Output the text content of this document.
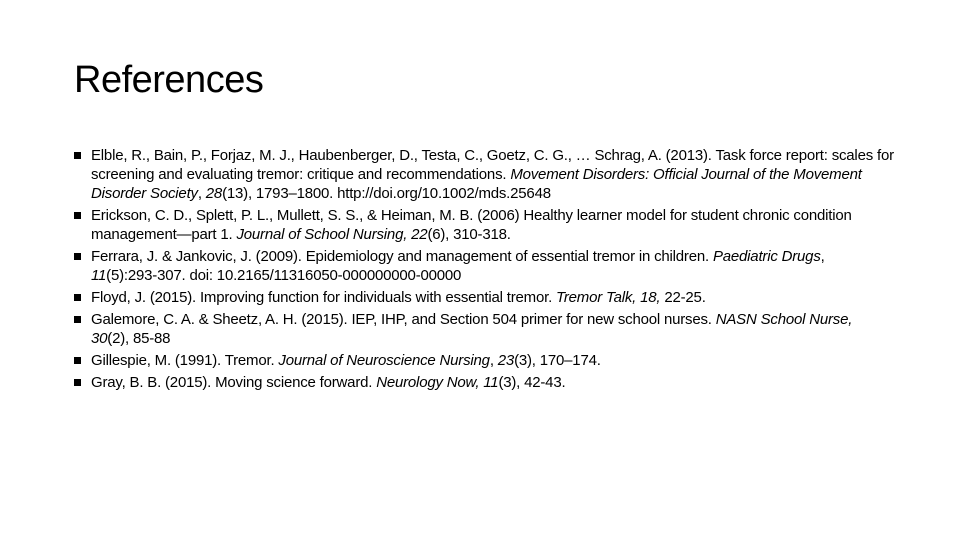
References
Elble, R., Bain, P., Forjaz, M. J., Haubenberger, D., Testa, C., Goetz, C. G., … Schrag, A. (2013). Task force report: scales for screening and evaluating tremor: critique and recommendations. Movement Disorders: Official Journal of the Movement Disorder Society, 28(13), 1793–1800. http://doi.org/10.1002/mds.25648
Erickson, C. D., Splett, P. L., Mullett, S. S., & Heiman, M. B. (2006) Healthy learner model for student chronic condition management—part 1. Journal of School Nursing, 22(6), 310-318.
Ferrara, J. & Jankovic, J. (2009). Epidemiology and management of essential tremor in children. Paediatric Drugs, 11(5):293-307. doi: 10.2165/11316050-000000000-00000
Floyd, J. (2015). Improving function for individuals with essential tremor. Tremor Talk, 18, 22-25.
Galemore, C. A. & Sheetz, A. H. (2015). IEP, IHP, and Section 504 primer for new school nurses. NASN School Nurse, 30(2), 85-88
Gillespie, M. (1991). Tremor. Journal of Neuroscience Nursing, 23(3), 170–174.
Gray, B. B. (2015). Moving science forward. Neurology Now, 11(3), 42-43.
